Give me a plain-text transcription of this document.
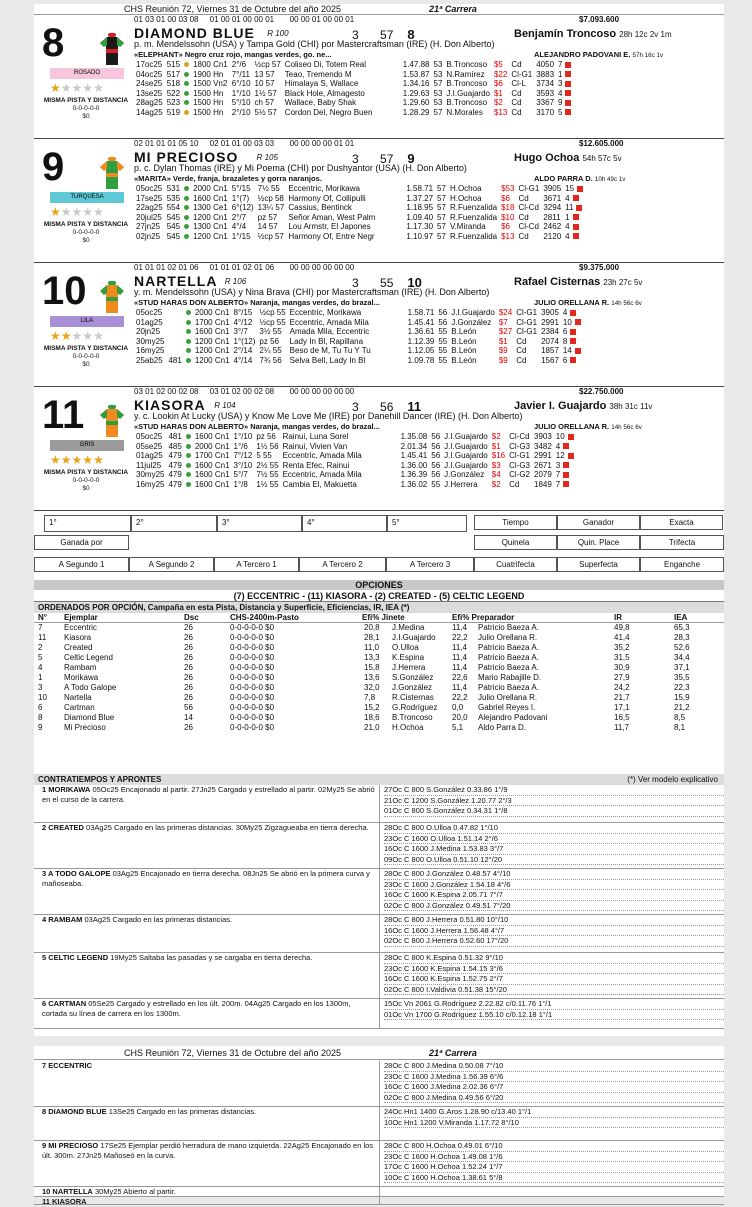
CHS Reunión 72, Viernes 31 de Octubre del año 2025	21ª Carrera
8
ROSADO
★★★★★
MISMA PISTA Y DISTANCIA
0-0-0-0-0
$0
01 03 01 00 03 08     01 00 01 00 00 01       00 00 01 00 00 01	$7.093.600
DIAMOND BLUE R 100	3 57 8	Benjamín Troncoso 28h 12c 2v 1m
p. m. Mendelssohn (USA) y Tampa Gold (CHI) por Mastercraftsman (IRE) (H. Don Alberto)
«ELEPHANT» Negro cruz rojo, mangas verdes, go. ne...	ALEJANDRO PADOVANI E. 57h 16c 1v
17oc25	515		1800 Cn1	2°/6	½cp 57	Coliseo Di, Totem Real	1.47.88	53	B.Troncoso	$5	Cd	4050	7
04oc25	517		1900 Hn	7°/11	13 57	Teao, Tremendo M	1.53.87	53	N.Ramírez	$22	Cl-G1	3883	1
24se25	518		1500 Vn2	6°/10	10 57	Himalaya S, Wallace	1.34.16	57	B.Troncoso	$6	Cl-L	3734	3
13se25	522		1500 Hn	1°/10	1½ 57	Black Hole, Almagesto	1.29.63	53	J.I.Guajardo	$1	Cd	3593	4
28ag25	523		1500 Hn	5°/10	ch 57	Wallace, Baby Shak	1.29.60	53	B.Troncoso	$2	Cd	3367	9
14ag25	519		1500 Hn	2°/10	5½ 57	Cordon Del, Negro Buen	1.28.29	57	N.Morales	$13	Cd	3170	5
9
TURQUESA
★★★★★
MISMA PISTA Y DISTANCIA
0-0-0-0-0
$0
02 01 01 01 05 10     02 01 01 00 03 03       00 00 00 00 01 01	$12.605.000
MI PRECIOSO R 105	3 57 9	Hugo Ochoa 54h 57c 5v
p. c. Dylan Thomas (IRE) y Mi Poema (CHI) por Dushyantor (USA) (H. Don Alberto)
«MARITA» Verde, franja, brazaletes y gorra naranjos.	ALDO PARRA D. 10h 49c 1v
05oc25	531		2000 Cn1	5°/15	7½ 55	Eccentric, Morikawa	1.58.71	57	H.Ochoa	$53	Cl-G1	3905	15
17se25	535		1600 Cn1	1°(7)	½cp 58	Harmony Of, Collipulli	1.37.27	57	H.Ochoa	$6	Cd	3671	4
22ag25	554		1300 Ce1	6°(12)	13¼ 57	Cassius, Bentinck	1.18.95	57	R.Fuenzalida	$18	Cl-Cd	3294	11
20jul25	545		1200 Cn1	2°/7	pz 57	Señor Aman, West Palm	1.09.40	57	R.Fuenzalida	$10	Cd	2811	1
27jn25	545		1300 Cn1	4°/4	14 57	Lou Armstr, El Japones	1.17.30	57	V.Miranda	$6	Cl-Cd	2462	4
02jn25	545		1200 Cn1	1°/15	½cp 57	Harmony Of, Entre Negr	1.10.97	57	R.Fuenzalida	$13	Cd	2120	4
10
LILA
★★★★★
MISMA PISTA Y DISTANCIA
0-0-0-0-0
$0
01 01 01 02 01 06     01 01 01 02 01 06       00 00 00 00 00 00	$9.375.000
NARTELLA R 106	3 55 10	Rafael Cisternas 23h 27c 5v
y. m. Mendelssohn (USA) y Nina Brava (CHI) por Mastercraftsman (IRE) (H. Don Alberto)
«STUD HARAS DON ALBERTO» Naranja, mangas verdes, do brazal...	JULIO ORELLANA R. 14h 56c 6v
05oc25			2000 Cn1	8°/15	½cp 55	Eccentric, Morikawa	1.58.71	56	J.I.Guajardo	$24	Cl-G1	3905	4
01ag25			1700 Cn1	4°/12	½cp 55	Eccentric, Amada Mila	1.45.41	56	J.González	$7	Cl-G1	2991	10
20jn25			1600 Cn1	3°/7	3½ 55	Amada Mila, Eccentric	1.36.61	55	B.León	$27	Cl-G1	2384	6
30my25			1200 Cn1	1°(12)	pz 56	Lady In Bl, Rapillana	1.12.39	55	B.León	$1	Cd	2074	8
16my25			1200 Cn1	2°/14	2¼ 55	Beso de M, Tu Tu Y Tu	1.12.05	55	B.León	$9	Cd	1857	14
25ab25	481		1200 Cn1	4°/14	7¾ 56	Selva Bell, Lady In Bl	1.09.78	55	B.León	$9	Cd	1567	6
11
GRIS
★★★★★
MISMA PISTA Y DISTANCIA
0-0-0-0-0
$0
03 01 02 00 02 08     03 01 02 00 02 08       00 00 00 00 00 00	$22.750.000
KIASORA R 104	3 56 11	Javier I. Guajardo 38h 31c 11v
y. c. Lookin At Lucky (USA) y Know Me Love Me (IRE) por Danehill Dancer (IRE) (H. Don Alberto)
«STUD HARAS DON ALBERTO» Naranja, mangas verdes, do brazal...	JULIO ORELLANA R. 14h 56c 6v
05oc25	481		1600 Cn1	1°/10	pz 56	Rainui, Luna Sorel	1.35.08	56	J.I.Guajardo	$2	Cl-Cd	3903	10
05se25	485		2000 Cn1	1°/6	1½ 56	Rainui, Vivien Van	2.01.34	56	J.I.Guajardo	$1	Cl-G3	3482	4
01ag25	479		1700 Cn1	7°/12	5 55	Eccentric, Amada Mila	1.45.41	56	J.I.Guajardo	$16	Cl-G1	2991	12
11jul25	479		1600 Cn1	3°/10	2½ 55	Renta Efec, Rainui	1.36.00	56	J.I.Guajardo	$3	Cl-G3	2671	3
30my25	479		1600 Cn1	5°/7	7½ 55	Eccentric, Amada Mila	1.36.39	56	J.González	$4	Cl-G2	2079	7
16my25	479		1600 Cn1	1°/8	1½ 55	Cambia El, Makuetta	1.36.02	55	J.Herrera	$2	Cd	1849	7
1°	2°	3°	4°	5°	Tiempo	Ganador	Exacta
Ganada por	Quinela	Quin. Place	Trifecta
A Segundo 1	A Segundo 2	A Tercero 1	A Tercero 2	A Tercero 3	Cuatrifecta	Superfecta	Enganche
OPCIONES
(7) ECCENTRIC - (11) KIASORA - (2) CREATED - (5) CELTIC LEGEND
ORDENADOS POR OPCIÓN, Campaña en esta Pista, Distancia y Superficie, Eficiencias, IR, IEA (*)
N° Ejemplar	Dsc	CHS-2400m-Pasto	Efi% Jinete	Efi% Preparador	IR	IEA
7	Eccentric	26	0-0-0-0-0 $0	20,8 J.Medina	11,4 Patricio Baeza A.	49,8	65,3
11 Kiasora	26	0-0-0-0-0 $0	28,1 J.I.Guajardo 22,2 Julio Orellana R.	41,4	28,3
2	Created	26	0-0-0-0-0 $0	11,0 O.Ulloa	11,4 Patricio Baeza A.	35,2	52,6
5	Celtic Legend	26	0-0-0-0-0 $0	13,3 K.Espina	11,4 Patricio Baeza A.	31,5	34,4
4	Rambam	26	0-0-0-0-0 $0	15,8 J.Herrera	11,4 Patricio Baeza A.	30,9	37,1
1	Morikawa	26	0-0-0-0-0 $0	13,6 S.González 22,6 Mario Rabajille D.	27,9	35,5
3	A Todo Galope	26	0-0-0-0-0 $0	32,0 J.González 11,4 Patricio Baeza A.	24,2	22,3
10 Nartella	26	0-0-0-0-0 $0	7,8 R.Cisternas 22,2 Julio Orellana R.	21,7	15,9
6	Cartman	56	0-0-0-0-0 $0	15,2 G.Rodríguez 0,0 Gabriel Reyes I.	17,1	21,2
8	Diamond Blue	14	0-0-0-0-0 $0	18,6 B.Troncoso 20,0 Alejandro Padovani	16,5	8,5
9	Mi Precioso	26	0-0-0-0-0 $0	21,0 H.Ochoa	5,1 Aldo Parra D.	11,7	8,1
CONTRATIEMPOS Y APRONTES	(*) Ver modelo explicativo
1 MORIKAWA 05Oc25 Encajonado al partir. 27Jn25 Cargado y estrellado al partir. 02My25 Se abrió en el curso de la carrera.
27Oc C 800 S.González 0.33.86 1°/9
21Oc C 1200 S.González 1.20.77 2°/3
01Oc C 800 S.González 0.34.31 1°/8
2 CREATED 03Ag25 Cargado en las primeras distancias. 30My25 Zigzagueaba en tierra derecha.	28Oc C 800 O.Ulloa 0.47.82 1°/10
23Oc C 1600 O.Ulloa 1.51.14 2°/6
16Oc C 1600 J.Medina 1.53.83 3°/7
09Oc C 800 O.Ulloa 0.51.10 12°/20
3 A TODO GALOPE 03Ag25 Encajonado en tierra derecha. 08Jn25 Se abrió en la primera curva y mañoseaba.
28Oc C 800 J.González 0.48.57 4°/10
23Oc C 1600 J.González 1.54.18 4°/6
16Oc C 1600 K.Espina 2.05.71 7°/7
02Oc C 800 J.González 0.49.51 7°/20
4 RAMBAM 03Ag25 Cargado en las primeras distancias.	28Oc C 800 J.Herrera 0.51.80 10°/10
16Oc C 1600 J.Herrera 1.56.48 4°/7
02Oc C 800 J.Herrera 0.52.60 17°/20
5 CELTIC LEGEND 19My25 Saltaba las pasadas y se cargaba en tierra derecha.	28Oc C 800 K.Espina 0.51.32 9°/10
23Oc C 1600 K.Espina 1.54.15 3°/6
16Oc C 1600 K.Espina 1.52.75 2°/7
02Oc C 800 I.Valdivia 0.51.38 15°/20
6 CARTMAN 05Se25 Cargado y estrellado en los últ. 200m. 04Ag25 Cargado en los 1300m, cortada su línea de carrera en los 1300m.
15Oc Vn 2061 G.Rodríguez 2.22.82 c/0.11.76 1°/1
01Oc Vn 1700 G.Rodríguez 1.55.10 c/0.12.18 1°/1
CHS Reunión 72, Viernes 31 de Octubre del año 2025	21ª Carrera
7 ECCENTRIC	28Oc C 800 J.Medina 0.50.08 7°/10
23Oc C 1600 J.Medina 1.56.39 6°/6
16Oc C 1600 J.Medina 2.02.36 6°/7
02Oc C 800 J.Medina 0.49.56 6°/20
8 DIAMOND BLUE 13Se25 Cargado en las primeras distancias.	24Oc Hn1 1400 G.Aros 1.28.90 c/13.40 1°/1
10Oc Hn1 1200 V.Miranda 1.17.72 8°/10
9 MI PRECIOSO 17Se25 Ejemplar perdió herradura de mano izquierda. 22Ag25 Encajonado en los últ. 300m. 27Jn25 Mañoseó en la curva.
28Oc C 800 H.Ochoa 0.49.01 6°/10
23Oc C 1600 H.Ochoa 1.49.08 1°/6
17Oc C 1600 H.Ochoa 1.52.24 1°/7
10Oc C 1600 H.Ochoa 1.38.61 5°/8
10 NARTELLA 30My25 Abierto al partir.
11 KIASORA
